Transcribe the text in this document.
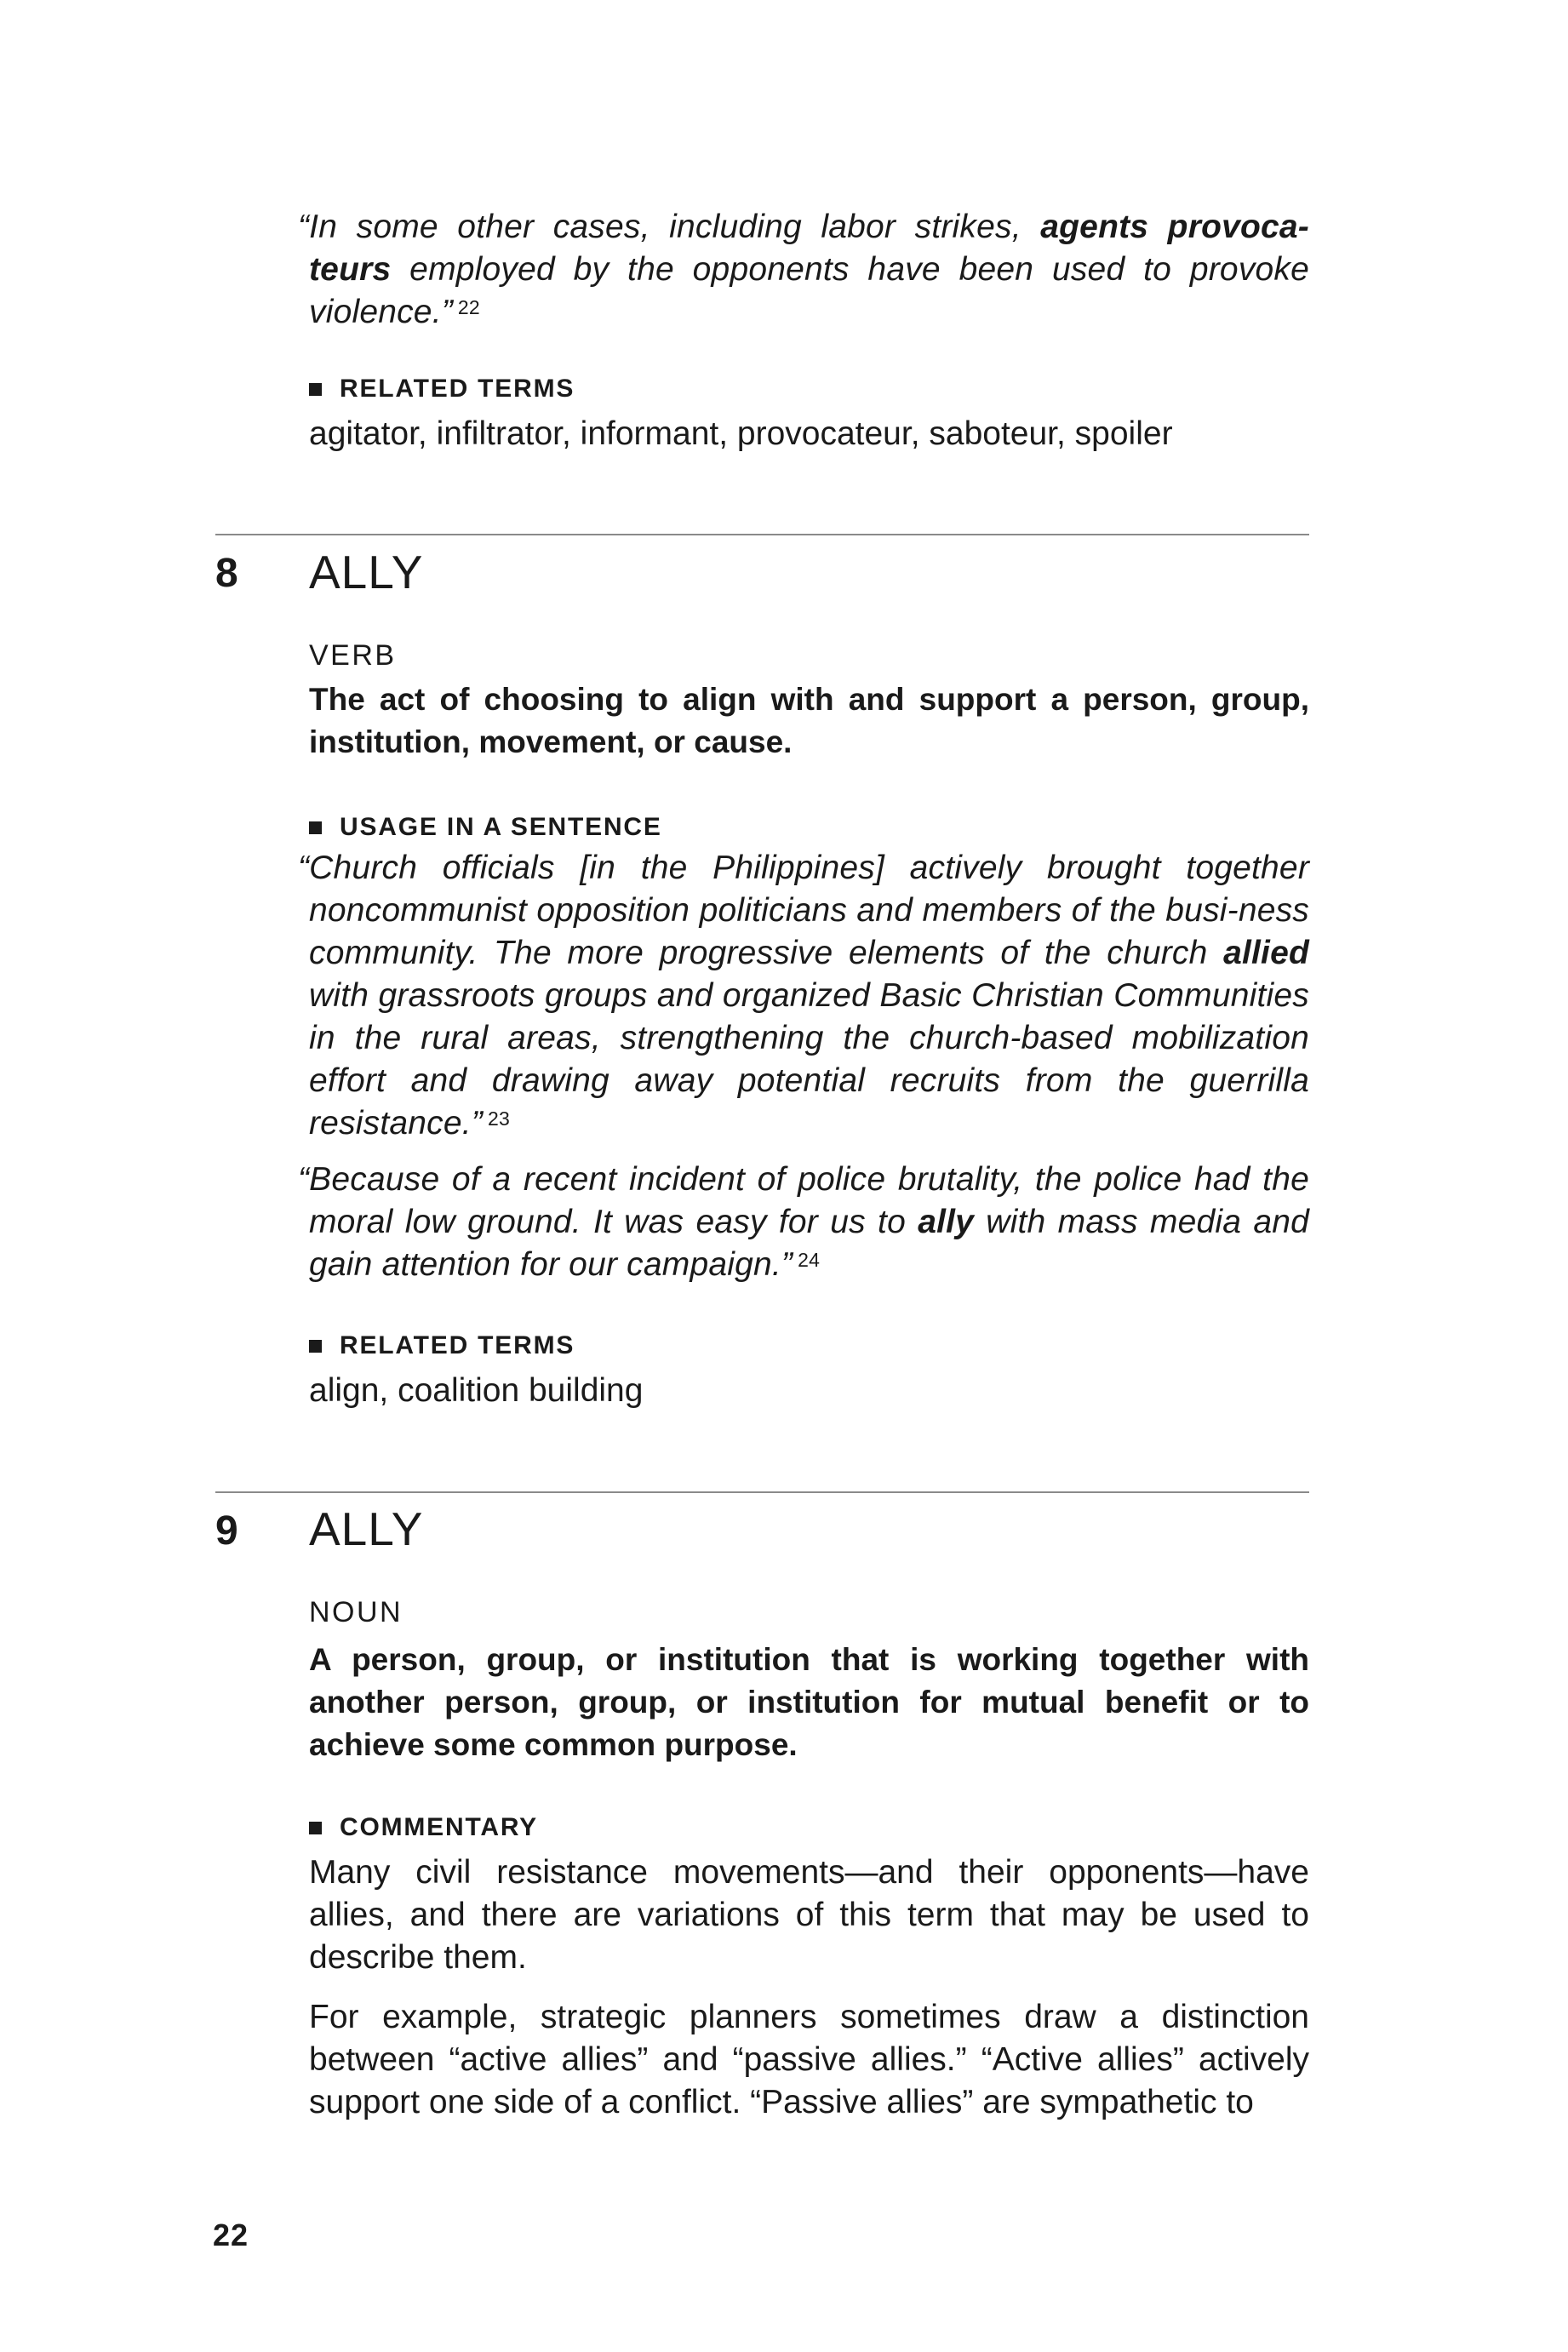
“In some other cases, including labor strikes, agents provoca-teurs employed by the opponents have been used to provoke violence.” $^{22}$

RELATED TERMS

agitator, infiltrator, informant, provocateur, saboteur, spoiler

8 ALLY
VERB
The act of choosing to align with and support a person, group, institution, movement, or cause.
USAGE IN A SENTENCE

“Church officials [in the Philippines] actively brought together noncommunist opposition politicians and members of the busi-ness community. The more progressive elements of the church allied with grassroots groups and organized Basic Christian Communities in the rural areas, strengthening the church-based mobilization effort and drawing away potential recruits from the guerrilla resistance.” $^{23}$

“Because of a recent incident of police brutality, the police had the moral low ground. It was easy for us to ally with mass media and gain attention for our campaign.” $^{24}$

RELATED TERMS

align, coalition building

9 ALLY
NOUN
A person, group, or institution that is working together with another person, group, or institution for mutual benefit or to achieve some common purpose.
COMMENTARY

Many civil resistance movements—and their opponents—have allies, and there are variations of this term that may be used to describe them.

For example, strategic planners sometimes draw a distinction between “active allies” and “passive allies.” “Active allies” actively support one side of a conflict. “Passive allies” are sympathetic to

22
